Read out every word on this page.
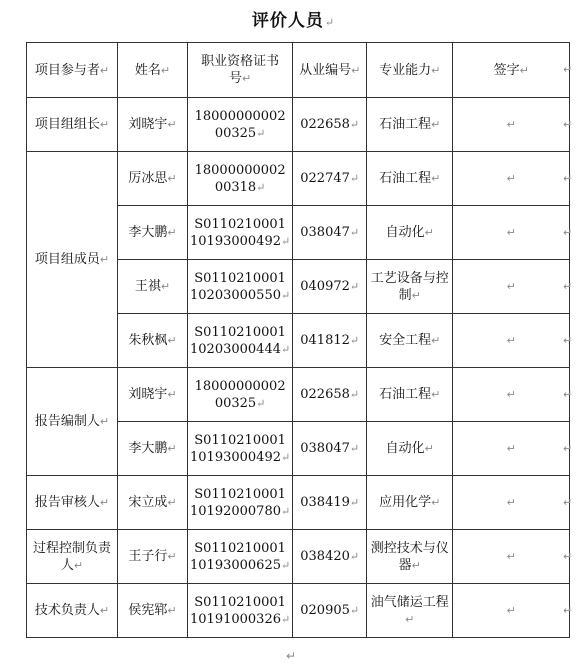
评价人员↵
项目参与者↵	姓名↵	职业资格证书号↵	从业编号↵	专业能力↵	签字↵
项目组组长↵	刘晓宇↵	18000000002
00325↵	022658↵	石油工程↵	↵
项目组成员↵	厉冰思↵	18000000002
00318↵	022747↵	石油工程↵	↵
	李大鹏↵	S0110210001
10193000492↵	038047↵	自动化↵	↵
	王祺↵	S0110210001
10203000550↵	040972↵	工艺设备与控制↵	↵
	朱秋枫↵	S0110210001
10203000444↵	041812↵	安全工程↵	↵
报告编制人↵	刘晓宇↵	18000000002
00325↵	022658↵	石油工程↵	↵
	李大鹏↵	S0110210001
10193000492↵	038047↵	自动化↵	↵
报告审核人↵	宋立成↵	S0110210001
10192000780↵	038419↵	应用化学↵	↵
过程控制负责人↵	王子行↵	S0110210001
10193000625↵	038420↵	测控技术与仪器↵	↵
技术负责人↵	侯宪郓↵	S0110210001
10191000326↵	020905↵	油气储运工程↵	↵
↵
↵
↵
↵
↵
↵
↵
↵
↵
↵
↵
↵
